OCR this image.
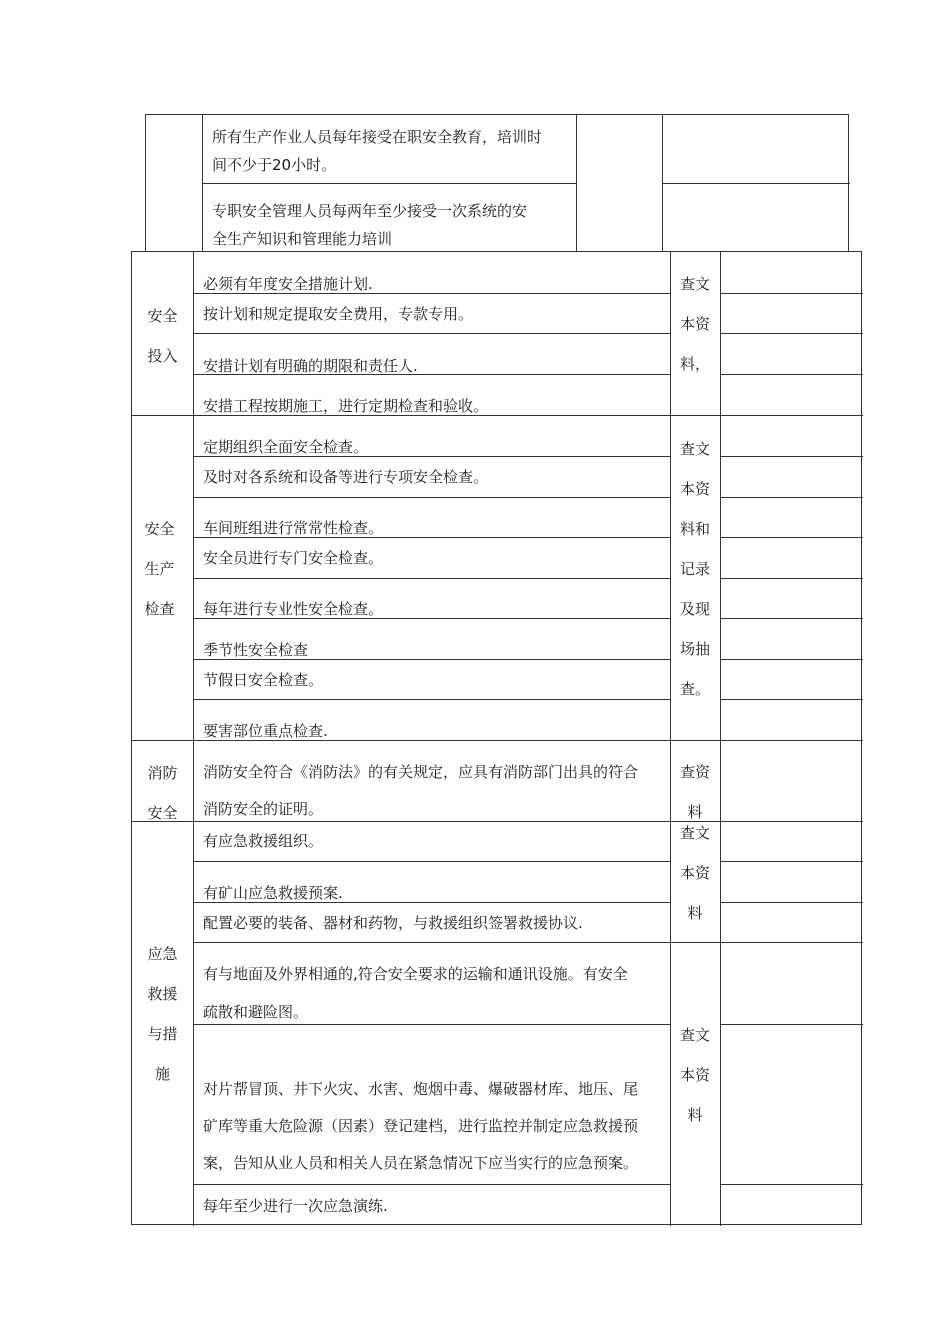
所有生产作业人员每年接受在职安全教育，培训时
间不少于20小时。
专职安全管理人员每两年至少接受一次系统的安
全生产知识和管理能力培训
安全
投入
安全
生产
检查
消防
安全
应急
救援
与措
施
查文
本资
料，
查文
本资
料和
记录
及现
场抽
查。
查资
料
查文
本资
料
查文
本资
料
必须有年度安全措施计划.
按计划和规定提取安全费用，专款专用。
安措计划有明确的期限和责任人.
安措工程按期施工，进行定期检查和验收。
定期组织全面安全检查。
及时对各系统和设备等进行专项安全检查。
车间班组进行常常性检查。
安全员进行专门安全检查。
每年进行专业性安全检查。
季节性安全检查
节假日安全检查。
要害部位重点检查.
消防安全符合《消防法》的有关规定，应具有消防部门出具的符合
消防安全的证明。
有应急救援组织。
有矿山应急救援预案.
配置必要的装备、器材和药物，与救援组织签署救援协议.
有与地面及外界相通的,符合安全要求的运输和通讯设施。有安全
疏散和避险图。
对片帮冒顶、井下火灾、水害、炮烟中毒、爆破器材库、地压、尾
矿库等重大危险源（因素）登记建档，进行监控并制定应急救援预
案，告知从业人员和相关人员在紧急情况下应当实行的应急预案。
每年至少进行一次应急演练.
